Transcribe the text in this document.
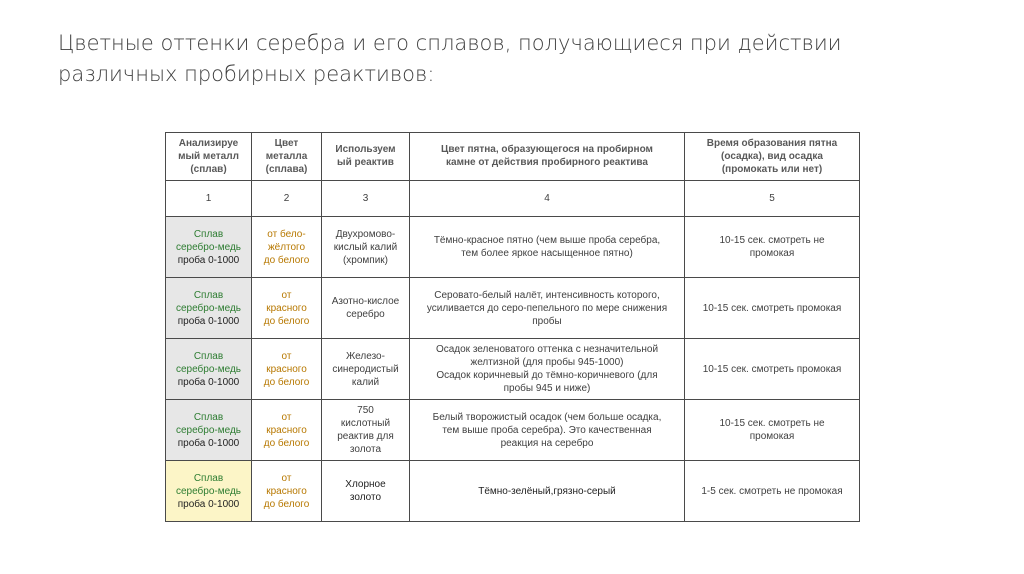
Цветные оттенки серебра и его сплавов, получающиеся при действии
различных пробирных реактивов:
Анализируе
мый металл
(сплав)	Цвет
металла
(сплава)	Используем
ый реактив	Цвет пятна, образующегося на пробирном
камне от действия пробирного реактива	Время образования пятна
(осадка), вид осадка
(промокать или нет)

1	2	3	4	5

Сплав
серебро-медь
проба 0-1000	от бело-
жёлтого
до белого	Двухромово-
кислый калий
(хромпик)	Тёмно-красное пятно (чем выше проба серебра,
тем более яркое насыщенное пятно)	10-15 сек. смотреть не
промокая

Сплав
серебро-медь
проба 0-1000	от
красного
до белого	Азотно-кислое
серебро	Серовато-белый налёт, интенсивность которого,
усиливается до серо-пепельного по мере снижения
пробы	10-15 сек. смотреть промокая

Сплав
серебро-медь
проба 0-1000	от
красного
до белого	Железо-
синеродистый
калий	Осадок зеленоватого оттенка с незначительной
желтизной (для пробы 945-1000)
Осадок коричневый до тёмно-коричневого (для
пробы 945 и ниже)	10-15 сек. смотреть промокая

Сплав
серебро-медь
проба 0-1000	от
красного
до белого	750
кислотный
реактив для
золота	Белый творожистый осадок (чем больше осадка,
тем выше проба серебра). Это качественная
реакция на серебро	10-15 сек. смотреть не
промокая

Сплав
серебро-медь
проба 0-1000	от
красного
до белого	Хлорное
золото	Тёмно-зелёный,грязно-серый	1-5 сек. смотреть не промокая
